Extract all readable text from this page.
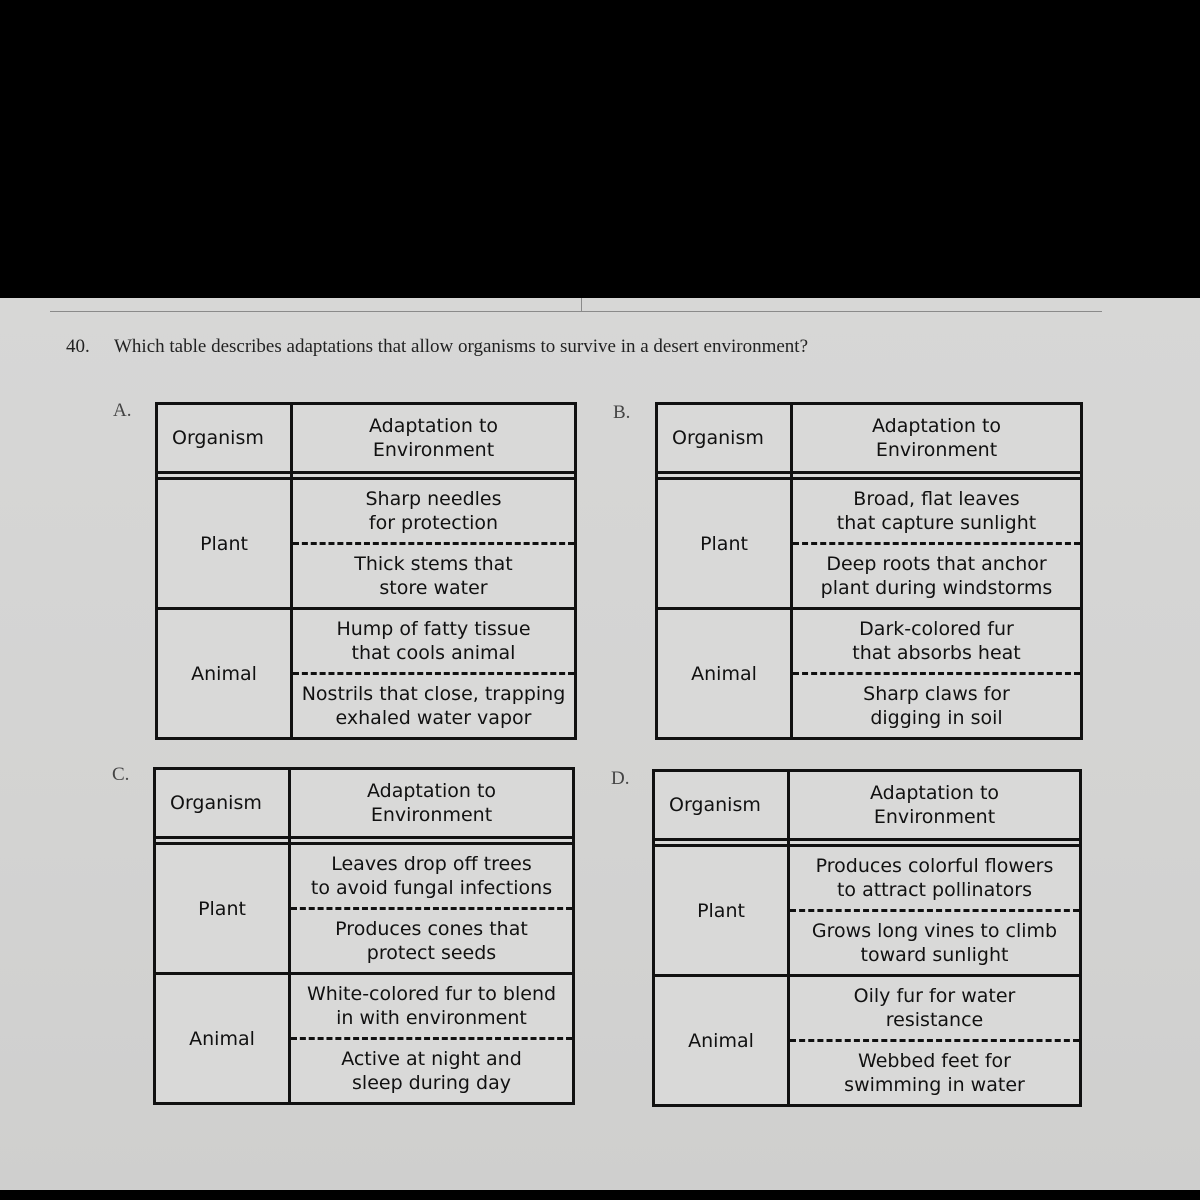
40. Which table describes adaptations that allow organisms to survive in a desert environment?
A.
Organism	Adaptation to
Environment

Plant	Sharp needles
for protection
	Thick stems that
store water
Animal	Hump of fatty tissue
that cools animal
	Nostrils that close, trapping
exhaled water vapor
B.
Organism	Adaptation to
Environment

Plant	Broad, flat leaves
that capture sunlight
	Deep roots that anchor
plant during windstorms
Animal	Dark-colored fur
that absorbs heat
	Sharp claws for
digging in soil
C.
Organism	Adaptation to
Environment

Plant	Leaves drop off trees
to avoid fungal infections
	Produces cones that
protect seeds
Animal	White-colored fur to blend
in with environment
	Active at night and
sleep during day
D.
Organism	Adaptation to
Environment

Plant	Produces colorful flowers
to attract pollinators
	Grows long vines to climb
toward sunlight
Animal	Oily fur for water
resistance
	Webbed feet for
swimming in water
